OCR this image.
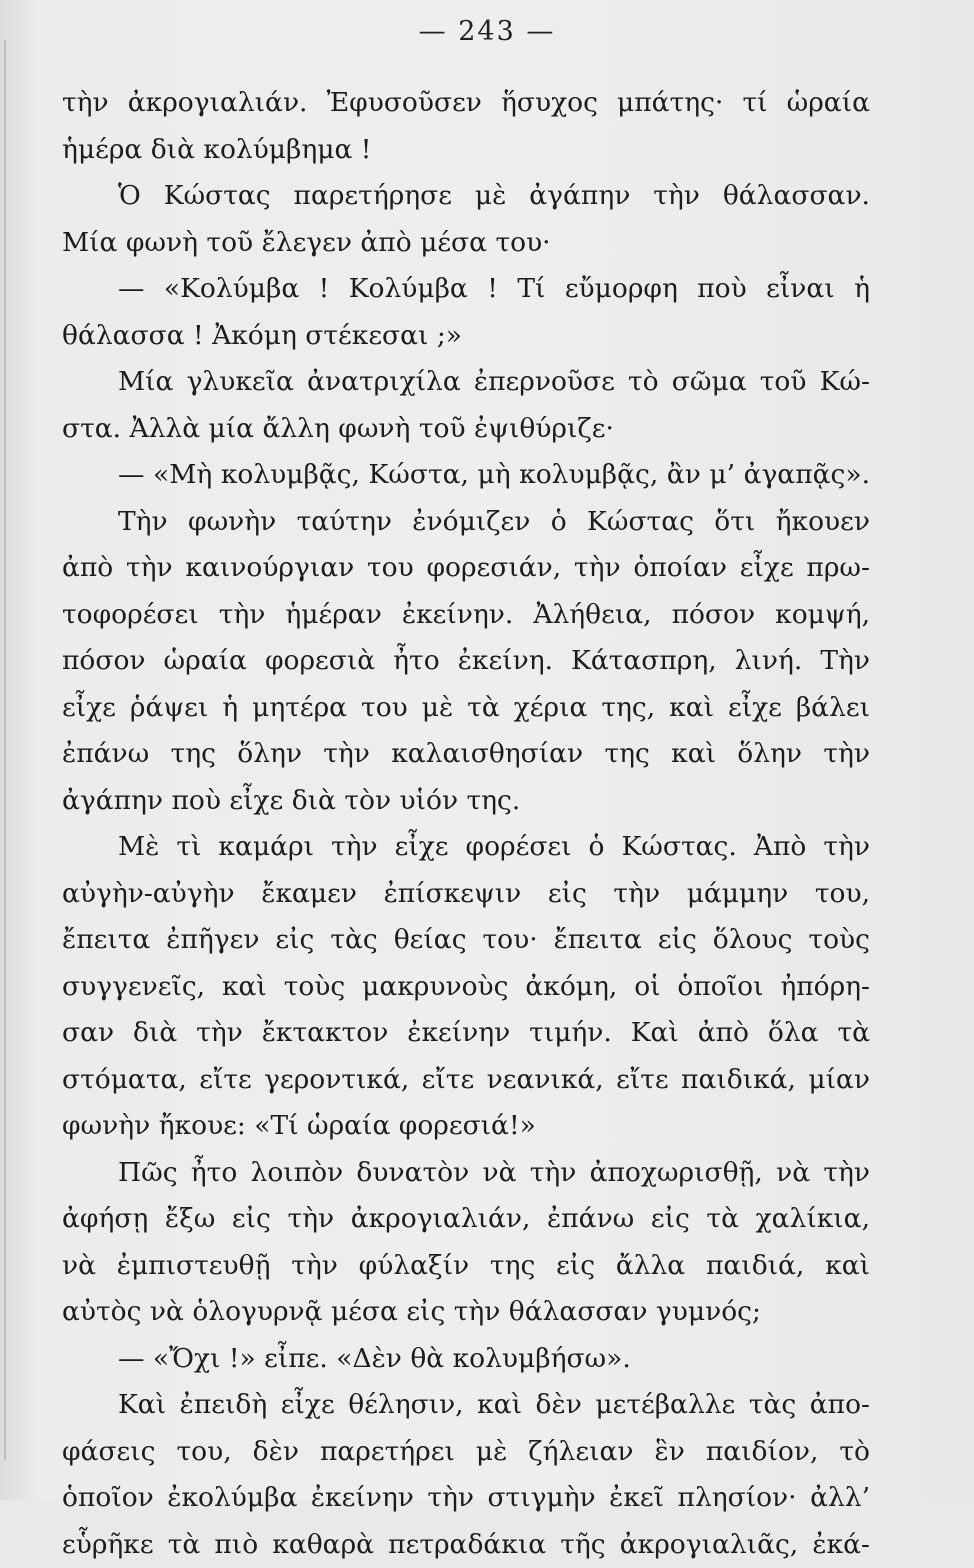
— 243 —
τὴν ἀκρογιαλιάν. Ἐφυσοῦσεν ἥσυχος μπάτης· τί ὡραία
ἡμέρα διὰ κολύμβημα !
Ὁ Κώστας παρετήρησε μὲ ἀγάπην τὴν θάλασσαν.
Μία φωνὴ τοῦ ἔλεγεν ἀπὸ μέσα του·
— «Κολύμβα ! Κολύμβα ! Τί εὔμορφη ποὺ εἶναι ἡ
θάλασσα ! Ἀκόμη στέκεσαι ;»
Μία γλυκεῖα ἀνατριχίλα ἐπερνοῦσε τὸ σῶμα τοῦ Κώ-
στα. Ἀλλὰ μία ἄλλη φωνὴ τοῦ ἐψιθύριζε·
— «Μὴ κολυμβᾷς, Κώστα, μὴ κολυμβᾷς, ἂν μ’ ἀγαπᾷς».
Τὴν φωνὴν ταύτην ἐνόμιζεν ὁ Κώστας ὅτι ἤκουεν
ἀπὸ τὴν καινούργιαν του φορεσιάν, τὴν ὁποίαν εἶχε πρω-
τοφορέσει τὴν ἡμέραν ἐκείνην. Ἀλήθεια, πόσον κομψή,
πόσον ὡραία φορεσιὰ ἦτο ἐκείνη. Κάτασπρη, λινή. Τὴν
εἶχε ῥάψει ἡ μητέρα του μὲ τὰ χέρια της, καὶ εἶχε βάλει
ἐπάνω της ὅλην τὴν καλαισθησίαν της καὶ ὅλην τὴν
ἀγάπην ποὺ εἶχε διὰ τὸν υἱόν της.
Μὲ τὶ καμάρι τὴν εἶχε φορέσει ὁ Κώστας. Ἀπὸ τὴν
αὐγὴν-αὐγὴν ἔκαμεν ἐπίσκεψιν εἰς τὴν μάμμην του,
ἔπειτα ἐπῆγεν εἰς τὰς θείας του· ἔπειτα εἰς ὅλους τοὺς
συγγενεῖς, καὶ τοὺς μακρυνοὺς ἀκόμη, οἱ ὁποῖοι ἠπόρη-
σαν διὰ τὴν ἔκτακτον ἐκείνην τιμήν. Καὶ ἀπὸ ὅλα τὰ
στόματα, εἴτε γεροντικά, εἴτε νεανικά, εἴτε παιδικά, μίαν
φωνὴν ἤκουε: «Τί ὡραία φορεσιά!»
Πῶς ἦτο λοιπὸν δυνατὸν νὰ τὴν ἀποχωρισθῇ, νὰ τὴν
ἀφήσῃ ἔξω εἰς τὴν ἀκρογιαλιάν, ἐπάνω εἰς τὰ χαλίκια,
νὰ ἐμπιστευθῇ τὴν φύλαξίν της εἰς ἄλλα παιδιά, καὶ
αὐτὸς νὰ ὁλογυρνᾷ μέσα εἰς τὴν θάλασσαν γυμνός;
— «Ὄχι !» εἶπε. «Δὲν θὰ κολυμβήσω».
Καὶ ἐπειδὴ εἶχε θέλησιν, καὶ δὲν μετέβαλλε τὰς ἀπο-
φάσεις του, δὲν παρετήρει μὲ ζήλειαν ἓν παιδίον, τὸ
ὁποῖον ἐκολύμβα ἐκείνην τὴν στιγμὴν ἐκεῖ πλησίον· ἀλλ’
εὗρῆκε τὰ πιὸ καθαρὰ πετραδάκια τῆς ἀκρογιαλιᾶς, ἐκά-
